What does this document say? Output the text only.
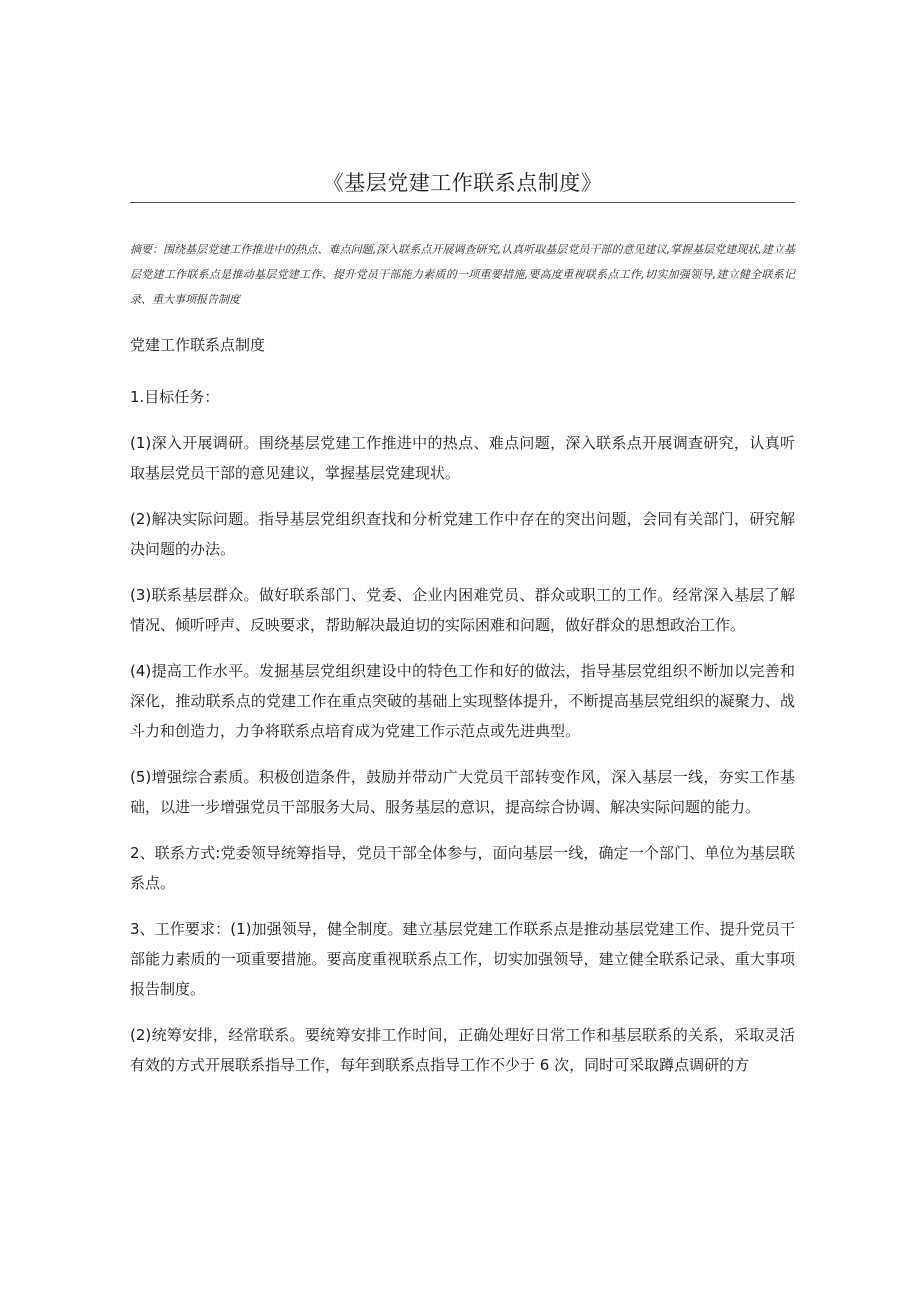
《基层党建工作联系点制度》
摘要：围绕基层党建工作推进中的热点、难点问题,深入联系点开展调查研究,认真听取基层党员干部的意见建议,掌握基层党建现状,建立基层党建工作联系点是推动基层党建工作、提升党员干部能力素质的一项重要措施,要高度重视联系点工作,切实加强领导,建立健全联系记录、重大事项报告制度
党建工作联系点制度
1.目标任务：
(1)深入开展调研。围绕基层党建工作推进中的热点、难点问题，深入联系点开展调查研究，认真听取基层党员干部的意见建议，掌握基层党建现状。
(2)解决实际问题。指导基层党组织查找和分析党建工作中存在的突出问题，会同有关部门，研究解决问题的办法。
(3)联系基层群众。做好联系部门、党委、企业内困难党员、群众或职工的工作。经常深入基层了解情况、倾听呼声、反映要求，帮助解决最迫切的实际困难和问题，做好群众的思想政治工作。
(4)提高工作水平。发掘基层党组织建设中的特色工作和好的做法，指导基层党组织不断加以完善和深化，推动联系点的党建工作在重点突破的基础上实现整体提升，不断提高基层党组织的凝聚力、战斗力和创造力，力争将联系点培育成为党建工作示范点或先进典型。
(5)增强综合素质。积极创造条件，鼓励并带动广大党员干部转变作风，深入基层一线，夯实工作基础，以进一步增强党员干部服务大局、服务基层的意识，提高综合协调、解决实际问题的能力。
2、联系方式:党委领导统筹指导，党员干部全体参与，面向基层一线，确定一个部门、单位为基层联系点。
3、工作要求：(1)加强领导，健全制度。建立基层党建工作联系点是推动基层党建工作、提升党员干部能力素质的一项重要措施。要高度重视联系点工作，切实加强领导，建立健全联系记录、重大事项报告制度。
(2)统筹安排，经常联系。要统筹安排工作时间，正确处理好日常工作和基层联系的关系，采取灵活有效的方式开展联系指导工作，每年到联系点指导工作不少于 6 次，同时可采取蹲点调研的方
